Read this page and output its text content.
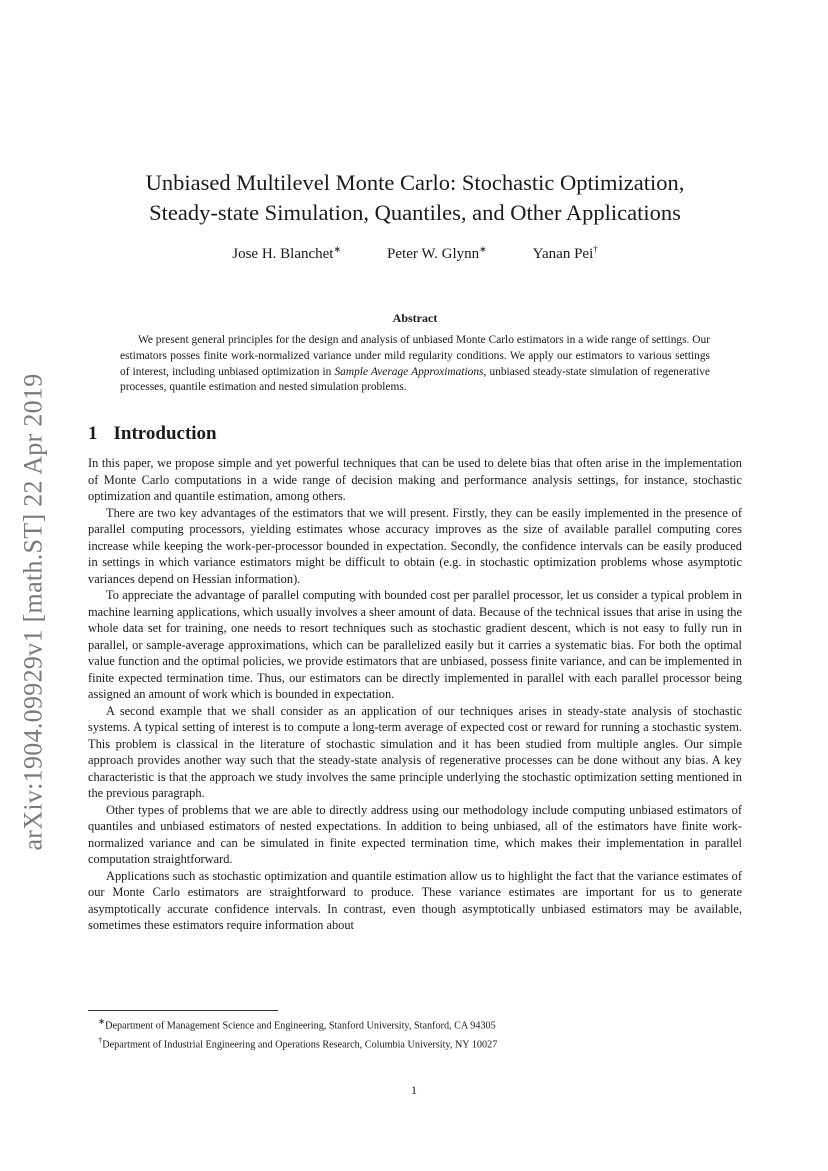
arXiv:1904.09929v1 [math.ST] 22 Apr 2019
Unbiased Multilevel Monte Carlo: Stochastic Optimization,
Steady-state Simulation, Quantiles, and Other Applications
Jose H. Blanchet∗	Peter W. Glynn∗	Yanan Pei†
Abstract

We present general principles for the design and analysis of unbiased Monte Carlo estimators in a wide range of settings. Our estimators posses finite work-normalized variance under mild regularity conditions. We apply our estimators to various settings of interest, including unbiased optimization in Sample Average Approximations, unbiased steady-state simulation of regenerative processes, quantile estimation and nested simulation problems.

1 Introduction

In this paper, we propose simple and yet powerful techniques that can be used to delete bias that often arise in the implementation of Monte Carlo computations in a wide range of decision making and performance analysis settings, for instance, stochastic optimization and quantile estimation, among others.

There are two key advantages of the estimators that we will present. Firstly, they can be easily implemented in the presence of parallel computing processors, yielding estimates whose accuracy improves as the size of available parallel computing cores increase while keeping the work-per-processor bounded in expectation. Secondly, the confidence intervals can be easily produced in settings in which variance estimators might be difficult to obtain (e.g. in stochastic optimization problems whose asymptotic variances depend on Hessian information).

To appreciate the advantage of parallel computing with bounded cost per parallel processor, let us consider a typical problem in machine learning applications, which usually involves a sheer amount of data. Because of the technical issues that arise in using the whole data set for training, one needs to resort techniques such as stochastic gradient descent, which is not easy to fully run in parallel, or sample-average approximations, which can be parallelized easily but it carries a systematic bias. For both the optimal value function and the optimal policies, we provide estimators that are unbiased, possess finite variance, and can be implemented in finite expected termination time. Thus, our estimators can be directly implemented in parallel with each parallel processor being assigned an amount of work which is bounded in expectation.

A second example that we shall consider as an application of our techniques arises in steady-state analysis of stochastic systems. A typical setting of interest is to compute a long-term average of expected cost or reward for running a stochastic system. This problem is classical in the literature of stochastic simulation and it has been studied from multiple angles. Our simple approach provides another way such that the steady-state analysis of regenerative processes can be done without any bias. A key characteristic is that the approach we study involves the same principle underlying the stochastic optimization setting mentioned in the previous paragraph.

Other types of problems that we are able to directly address using our methodology include computing unbiased estimators of quantiles and unbiased estimators of nested expectations. In addition to being unbiased, all of the estimators have finite work-normalized variance and can be simulated in finite expected termination time, which makes their implementation in parallel computation straightforward.

Applications such as stochastic optimization and quantile estimation allow us to highlight the fact that the variance estimates of our Monte Carlo estimators are straightforward to produce. These variance estimates are important for us to generate asymptotically accurate confidence intervals. In contrast, even though asymptotically unbiased estimators may be available, sometimes these estimators require information about

∗Department of Management Science and Engineering, Stanford University, Stanford, CA 94305
†Department of Industrial Engineering and Operations Research, Columbia University, NY 10027
1
